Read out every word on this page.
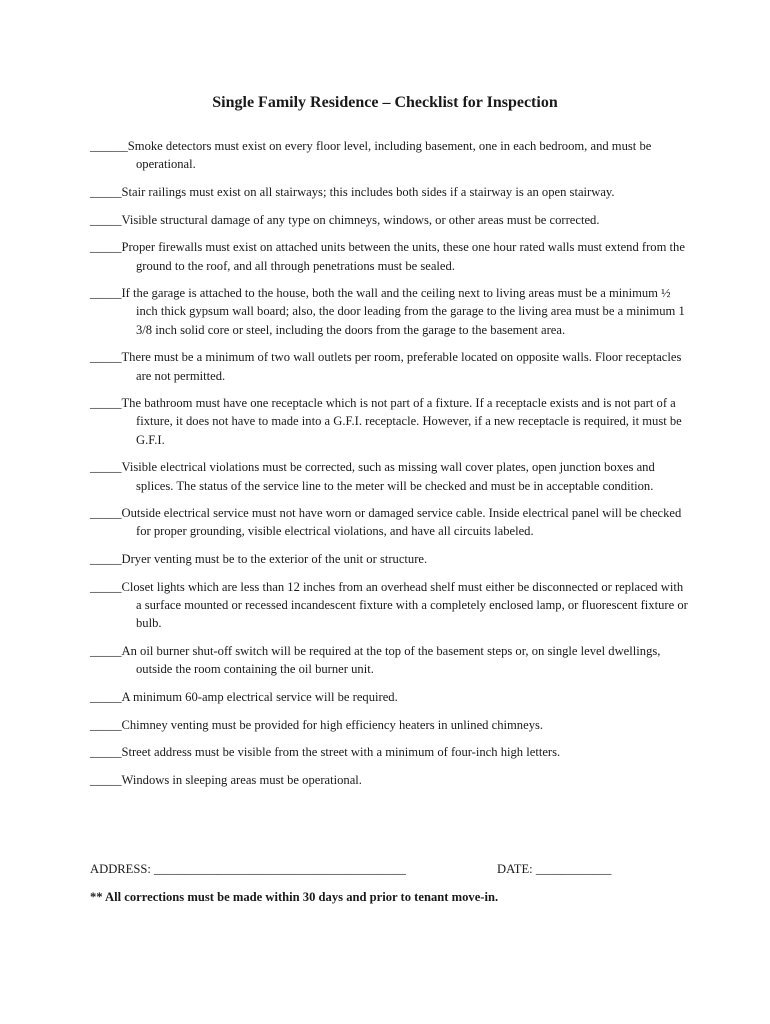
Single Family Residence – Checklist for Inspection
______Smoke detectors must exist on every floor level, including basement, one in each bedroom, and must be operational.
_____Stair railings must exist on all stairways; this includes both sides if a stairway is an open stairway.
_____Visible structural damage of any type on chimneys, windows, or other areas must be corrected.
_____Proper firewalls must exist on attached units between the units, these one hour rated walls must extend from the ground to the roof, and all through penetrations must be sealed.
_____If the garage is attached to the house, both the wall and the ceiling next to living areas must be a minimum ½ inch thick gypsum wall board; also, the door leading from the garage to the living area must be a minimum 1 3/8 inch solid core or steel, including the doors from the garage to the basement area.
_____There must be a minimum of two wall outlets per room, preferable located on opposite walls. Floor receptacles are not permitted.
_____The bathroom must have one receptacle which is not part of a fixture. If a receptacle exists and is not part of a fixture, it does not have to made into a G.F.I. receptacle. However, if a new receptacle is required, it must be G.F.I.
_____Visible electrical violations must be corrected, such as missing wall cover plates, open junction boxes and splices. The status of the service line to the meter will be checked and must be in acceptable condition.
_____Outside electrical service must not have worn or damaged service cable. Inside electrical panel will be checked for proper grounding, visible electrical violations, and have all circuits labeled.
_____Dryer venting must be to the exterior of the unit or structure.
_____Closet lights which are less than 12 inches from an overhead shelf must either be disconnected or replaced with a surface mounted or recessed incandescent fixture with a completely enclosed lamp, or fluorescent fixture or bulb.
_____An oil burner shut-off switch will be required at the top of the basement steps or, on single level dwellings, outside the room containing the oil burner unit.
_____A minimum 60-amp electrical service will be required.
_____Chimney venting must be provided for high efficiency heaters in unlined chimneys.
_____Street address must be visible from the street with a minimum of four-inch high letters.
_____Windows in sleeping areas must be operational.
ADDRESS: ________________________________________	DATE: ____________
** All corrections must be made within 30 days and prior to tenant move-in.
